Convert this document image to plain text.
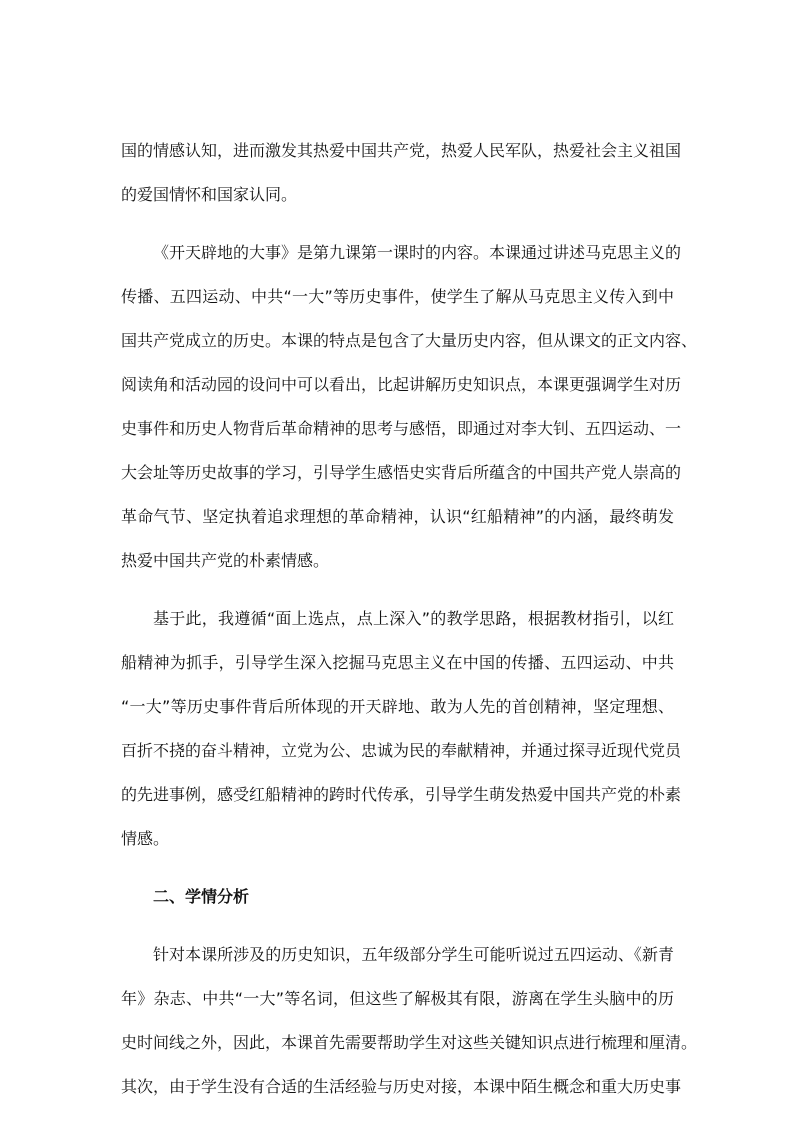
国的情感认知，进而激发其热爱中国共产党，热爱人民军队，热爱社会主义祖国
的爱国情怀和国家认同。
《开天辟地的大事》是第九课第一课时的内容。本课通过讲述马克思主义的
传播、五四运动、中共“一大”等历史事件，使学生了解从马克思主义传入到中
国共产党成立的历史。本课的特点是包含了大量历史内容，但从课文的正文内容、
阅读角和活动园的设问中可以看出，比起讲解历史知识点，本课更强调学生对历
史事件和历史人物背后革命精神的思考与感悟，即通过对李大钊、五四运动、一
大会址等历史故事的学习，引导学生感悟史实背后所蕴含的中国共产党人崇高的
革命气节、坚定执着追求理想的革命精神，认识“红船精神”的内涵，最终萌发
热爱中国共产党的朴素情感。
基于此，我遵循“面上选点，点上深入”的教学思路，根据教材指引，以红
船精神为抓手，引导学生深入挖掘马克思主义在中国的传播、五四运动、中共
“一大”等历史事件背后所体现的开天辟地、敢为人先的首创精神，坚定理想、
百折不挠的奋斗精神，立党为公、忠诚为民的奉献精神，并通过探寻近现代党员
的先进事例，感受红船精神的跨时代传承，引导学生萌发热爱中国共产党的朴素
情感。
二、学情分析
针对本课所涉及的历史知识，五年级部分学生可能听说过五四运动、《新青
年》杂志、中共“一大”等名词，但这些了解极其有限，游离在学生头脑中的历
史时间线之外，因此，本课首先需要帮助学生对这些关键知识点进行梳理和厘清。
其次，由于学生没有合适的生活经验与历史对接，本课中陌生概念和重大历史事
